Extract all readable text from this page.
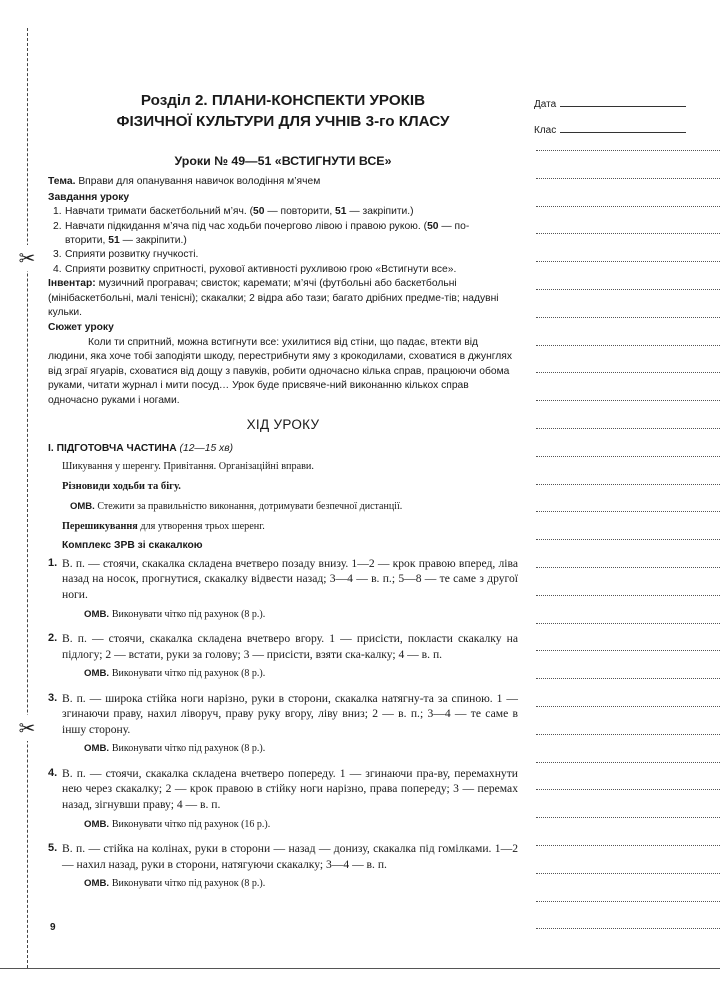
✂
✂
Розділ 2. ПЛАНИ-КОНСПЕКТИ УРОКІВ
ФІЗИЧНОЇ КУЛЬТУРИ ДЛЯ УЧНІВ 3-го КЛАСУ
Уроки № 49—51 «ВСТИГНУТИ ВСЕ»

Тема. Вправи для опанування навичок володіння м’ячем

Завдання уроку
1. Навчати тримати баскетбольний м’яч. (50 — повторити, 51 — закріпити.)
2. Навчати підкидання м’яча під час ходьби почергово лівою і правою рукою. (50 — по-
вторити, 51 — закріпити.)
3. Сприяти розвитку гнучкості.
4. Сприяти розвитку спритності, рухової активності рухливою грою «Встигнути все».

Інвентар: музичний програвач; свисток; каремати; м’ячі (футбольні або баскетбольні (мінібаскетбольні, малі тенісні); скакалки; 2 відра або тази; багато дрібних предме-тів; надувні кульки.

Сюжет уроку

Коли ти спритний, можна встигнути все: ухилитися від стіни, що падає, втекти від людини, яка хоче тобі заподіяти шкоду, перестрибнути яму з крокодилами, сховатися в джунглях від зграї ягуарів, сховатися від дощу з павуків, робити одночасно кілька справ, працюючи обома руками, читати журнал і мити посуд… Урок буде присвяче-ний виконанню кількох справ одночасно руками і ногами.

ХІД УРОКУ
І. ПІДГОТОВЧА ЧАСТИНА (12—15 хв)
Шикування у шеренгу. Привітання. Організаційні вправи.
Різновиди ходьби та бігу.
ОМВ. Стежити за правильністю виконання, дотримувати безпечної дистанції.
Перешикування для утворення трьох шеренг.
Комплекс ЗРВ зі скакалкою
1. В. п. — стоячи, скакалка складена вчетверо позаду внизу. 1—2 — крок правою вперед, ліва назад на носок, прогнутися, скакалку відвести назад; 3—4 — в. п.; 5—8 — те саме з другої ноги.
ОМВ. Виконувати чітко під рахунок (8 р.).
2. В. п. — стоячи, скакалка складена вчетверо вгору. 1 — присісти, покласти скакалку на підлогу; 2 — встати, руки за голову; 3 — присісти, взяти ска-калку; 4 — в. п.
ОМВ. Виконувати чітко під рахунок (8 р.).
3. В. п. — широка стійка ноги нарізно, руки в сторони, скакалка натягну-та за спиною. 1 — згинаючи праву, нахил ліворуч, праву руку вгору, ліву вниз; 2 — в. п.; 3—4 — те саме в іншу сторону.
ОМВ. Виконувати чітко під рахунок (8 р.).
4. В. п. — стоячи, скакалка складена вчетверо попереду. 1 — згинаючи пра-ву, перемахнути нею через скакалку; 2 — крок правою в стійку ноги нарізно, права попереду; 3 — перемах назад, зігнувши праву; 4 — в. п.
ОМВ. Виконувати чітко під рахунок (16 р.).
5. В. п. — стійка на колінах, руки в сторони — назад — донизу, скакалка під гомілками. 1—2 — нахил назад, руки в сторони, натягуючи скакалку; 3—4 — в. п.
ОМВ. Виконувати чітко під рахунок (8 р.).
Дата
Клас
9
